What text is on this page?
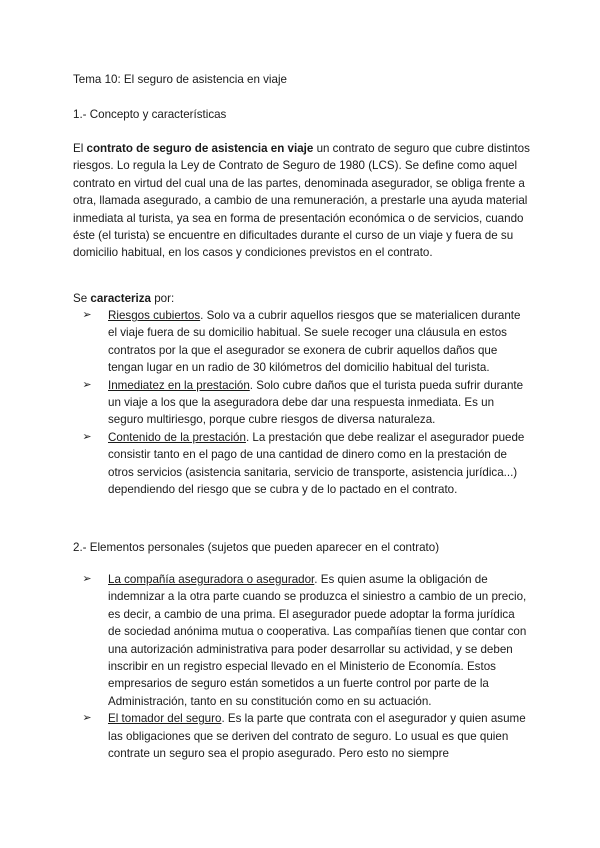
Tema 10: El seguro de asistencia en viaje
1.- Concepto y características
El contrato de seguro de asistencia en viaje un contrato de seguro que cubre distintos riesgos. Lo regula la Ley de Contrato de Seguro de 1980 (LCS). Se define como aquel contrato en virtud del cual una de las partes, denominada asegurador, se obliga frente a otra, llamada asegurado, a cambio de una remuneración, a prestarle una ayuda material inmediata al turista, ya sea en forma de presentación económica o de servicios, cuando éste (el turista) se encuentre en dificultades durante el curso de un viaje y fuera de su domicilio habitual, en los casos y condiciones previstos en el contrato.
Se caracteriza por:
➢	Riesgos cubiertos. Solo va a cubrir aquellos riesgos que se materialicen durante el viaje fuera de su domicilio habitual. Se suele recoger una cláusula en estos contratos por la que el asegurador se exonera de cubrir aquellos daños que tengan lugar en un radio de 30 kilómetros del domicilio habitual del turista.
➢	Inmediatez en la prestación. Solo cubre daños que el turista pueda sufrir durante un viaje a los que la aseguradora debe dar una respuesta inmediata. Es un seguro multiriesgo, porque cubre riesgos de diversa naturaleza.
➢	Contenido de la prestación. La prestación que debe realizar el asegurador puede consistir tanto en el pago de una cantidad de dinero como en la prestación de otros servicios (asistencia sanitaria, servicio de transporte, asistencia jurídica...) dependiendo del riesgo que se cubra y de lo pactado en el contrato.
2.- Elementos personales (sujetos que pueden aparecer en el contrato)
➢	La compañía aseguradora o asegurador. Es quien asume la obligación de indemnizar a la otra parte cuando se produzca el siniestro a cambio de un precio, es decir, a cambio de una prima. El asegurador puede adoptar la forma jurídica de sociedad anónima mutua o cooperativa. Las compañías tienen que contar con una autorización administrativa para poder desarrollar su actividad, y se deben inscribir en un registro especial llevado en el Ministerio de Economía. Estos empresarios de seguro están sometidos a un fuerte control por parte de la Administración, tanto en su constitución como en su actuación.
➢	El tomador del seguro. Es la parte que contrata con el asegurador y quien asume las obligaciones que se deriven del contrato de seguro. Lo usual es que quien contrate un seguro sea el propio asegurado. Pero esto no siempre
